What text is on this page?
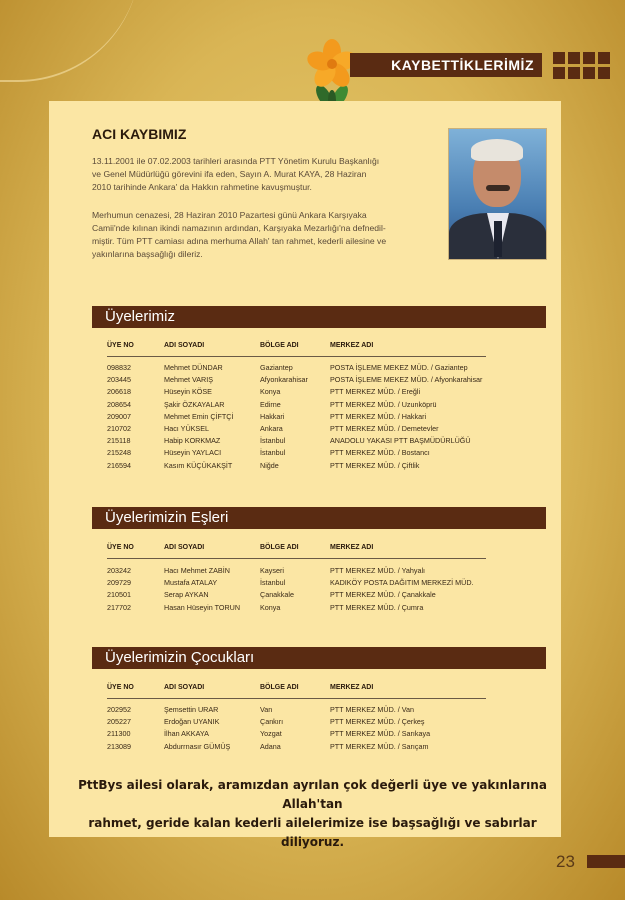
KAYBETTİKLERİMİZ
ACI KAYBIMIZ
13.11.2001 ile 07.02.2003 tarihleri arasında PTT Yönetim Kurulu Başkanlığı
ve Genel Müdürlüğü görevini ifa eden, Sayın A. Murat KAYA, 28 Haziran
2010 tarihinde Ankara' da Hakkın rahmetine kavuşmuştur.
Merhumun cenazesi, 28 Haziran 2010 Pazartesi günü Ankara Karşıyaka
Camii'nde kılınan ikindi namazının ardından, Karşıyaka Mezarlığı'na defnedil-
miştir. Tüm PTT camiası adına merhuma Allah' tan rahmet, kederli ailesine ve
yakınlarına başsağlığı dileriz.
Üyelerimiz
ÜYE NO	ADI SOYADI	BÖLGE ADI	MERKEZ ADI
098832	Mehmet DÜNDAR	Gaziantep	POSTA İŞLEME MEKEZ MÜD. / Gaziantep
203445	Mehmet VARIŞ	Afyonkarahisar	POSTA İŞLEME MEKEZ MÜD. / Afyonkarahisar
206618	Hüseyin KÖSE	Konya	PTT MERKEZ MÜD. / Ereğli
208654	Şakir ÖZKAYALAR	Edirne	PTT MERKEZ MÜD. / Uzunköprü
209007	Mehmet Emin ÇİFTÇİ	Hakkari	PTT MERKEZ MÜD. / Hakkari
210702	Hacı YÜKSEL	Ankara	PTT MERKEZ MÜD. / Demetevler
215118	Habip KORKMAZ	İstanbul	ANADOLU YAKASI PTT BAŞMÜDÜRLÜĞÜ
215248	Hüseyin YAYLACI	İstanbul	PTT MERKEZ MÜD. / Bostancı
216594	Kasım KÜÇÜKAKŞİT	Niğde	PTT MERKEZ MÜD. / Çiftlik
Üyelerimizin Eşleri
ÜYE NO	ADI SOYADI	BÖLGE ADI	MERKEZ ADI
203242	Hacı Mehmet ZABİN	Kayseri	PTT MERKEZ MÜD. / Yahyalı
209729	Mustafa ATALAY	İstanbul	KADIKÖY POSTA DAĞITIM MERKEZİ MÜD.
210501	Serap AYKAN	Çanakkale	PTT MERKEZ MÜD. / Çanakkale
217702	Hasan Hüseyin TORUN	Konya	PTT MERKEZ MÜD. / Çumra
Üyelerimizin Çocukları
ÜYE NO	ADI SOYADI	BÖLGE ADI	MERKEZ ADI
202952	Şemsettin URAR	Van	PTT MERKEZ MÜD. / Van
205227	Erdoğan UYANIK	Çankırı	PTT MERKEZ MÜD. / Çerkeş
211300	İlhan AKKAYA	Yozgat	PTT MERKEZ MÜD. / Sarıkaya
213089	Abdurrnasır GÜMÜŞ	Adana	PTT MERKEZ MÜD. / Sarıçam
PttBys ailesi olarak, aramızdan ayrılan çok değerli üye ve yakınlarına Allah'tan
rahmet, geride kalan kederli ailelerimize ise başsağlığı ve sabırlar diliyoruz.
23
